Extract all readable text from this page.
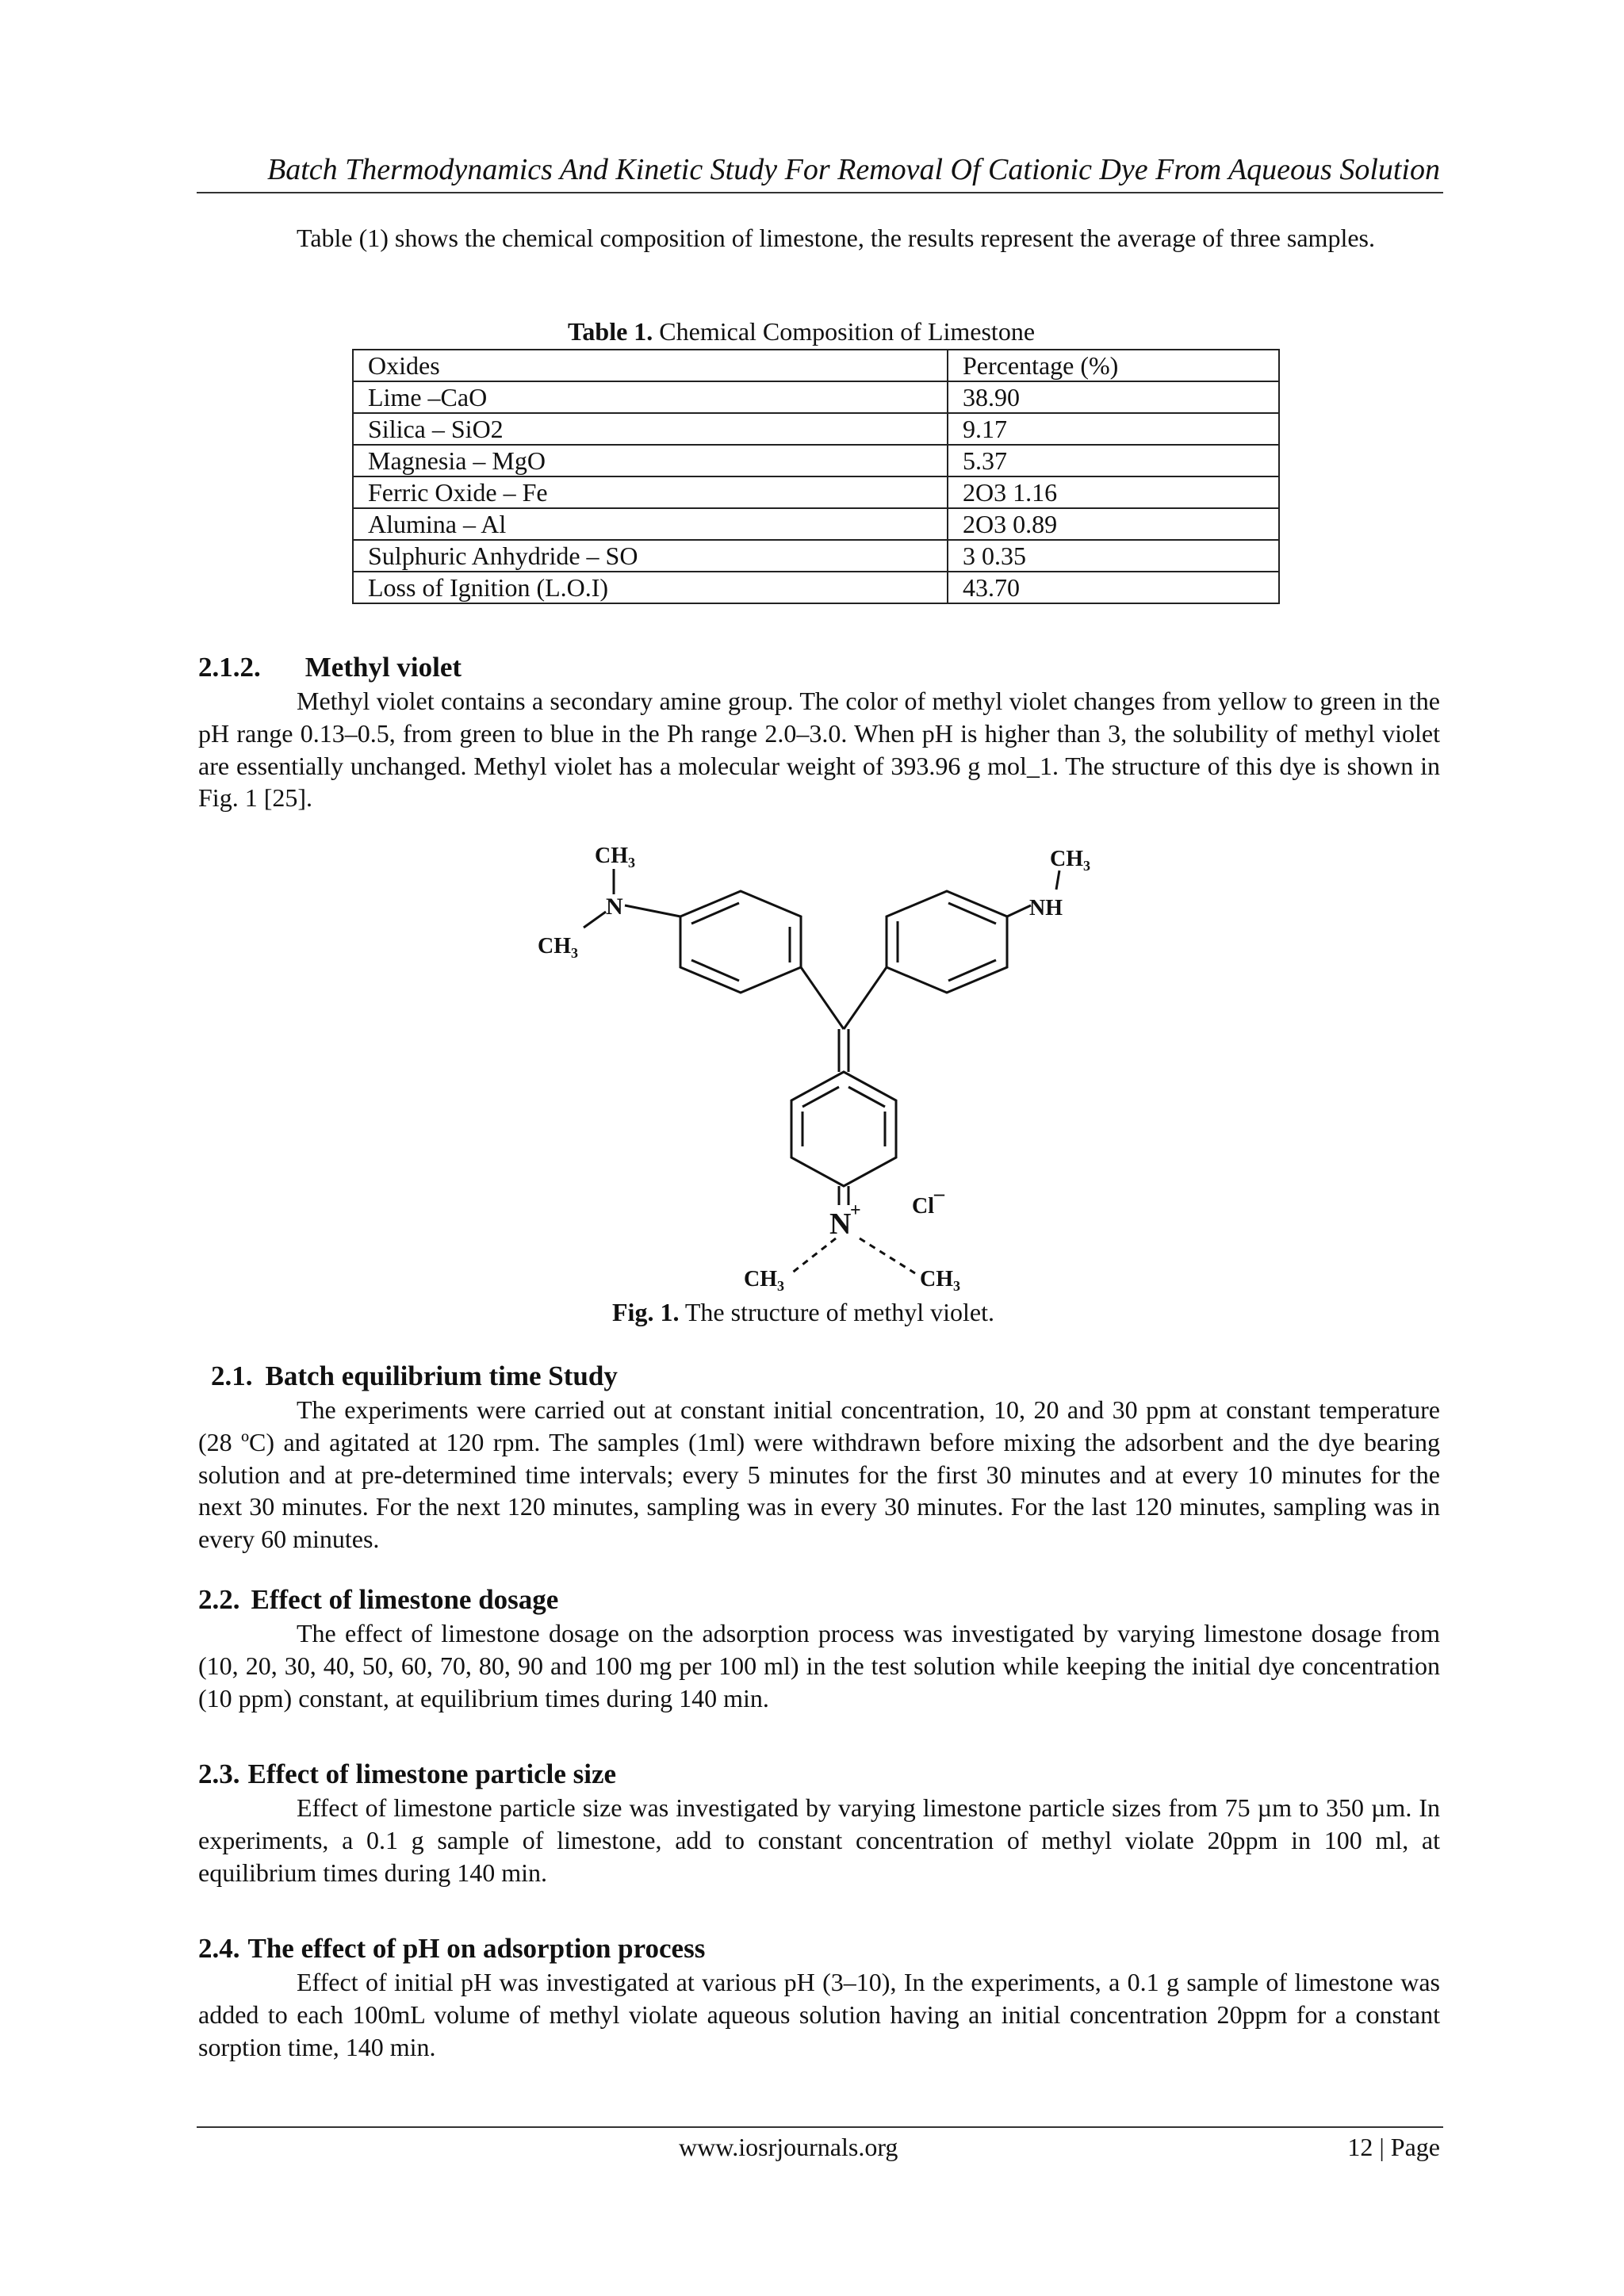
Batch Thermodynamics And Kinetic Study For Removal Of Cationic Dye From Aqueous Solution

Table (1) shows the chemical composition of limestone, the results represent the average of three samples.

Table 1. Chemical Composition of Limestone
Oxides	Percentage (%)
Lime –CaO	38.90
Silica – SiO2	9.17
Magnesia – MgO	5.37
Ferric Oxide – Fe	2O3 1.16
Alumina – Al	2O3 0.89
Sulphuric Anhydride – SO	3 0.35
Loss of Ignition (L.O.I)	43.70
2.1.2. Methyl violet

Methyl violet contains a secondary amine group. The color of methyl violet changes from yellow to green in the pH range 0.13–0.5, from green to blue in the Ph range 2.0–3.0. When pH is higher than 3, the solubility of methyl violet are essentially unchanged. Methyl violet has a molecular weight of 393.96 g mol_1. The structure of this dye is shown in Fig. 1 [25].

$CH_3$
N
$CH_3$
$CH_3$
NH
N
+ Cl
–
$CH_3$	$CH_3$
Fig. 1. The structure of methyl violet.
2.1. Batch equilibrium time Study

The experiments were carried out at constant initial concentration, 10, 20 and 30 ppm at constant temperature (28 ºC) and agitated at 120 rpm. The samples (1ml) were withdrawn before mixing the adsorbent and the dye bearing solution and at pre-determined time intervals; every 5 minutes for the first 30 minutes and at every 10 minutes for the next 30 minutes. For the next 120 minutes, sampling was in every 30 minutes. For the last 120 minutes, sampling was in every 60 minutes.

2.2. Effect of limestone dosage

The effect of limestone dosage on the adsorption process was investigated by varying limestone dosage from (10, 20, 30, 40, 50, 60, 70, 80, 90 and 100 mg per 100 ml) in the test solution while keeping the initial dye concentration (10 ppm) constant, at equilibrium times during 140 min.

2.3. Effect of limestone particle size

Effect of limestone particle size was investigated by varying limestone particle sizes from 75 µm to 350 µm. In experiments, a 0.1 g sample of limestone, add to constant concentration of methyl violate 20ppm in 100 ml, at equilibrium times during 140 min.

2.4. The effect of pH on adsorption process

Effect of initial pH was investigated at various pH (3–10), In the experiments, a 0.1 g sample of limestone was added to each 100mL volume of methyl violate aqueous solution having an initial concentration 20ppm for a constant sorption time, 140 min.

www.iosrjournals.org	12 | Page
